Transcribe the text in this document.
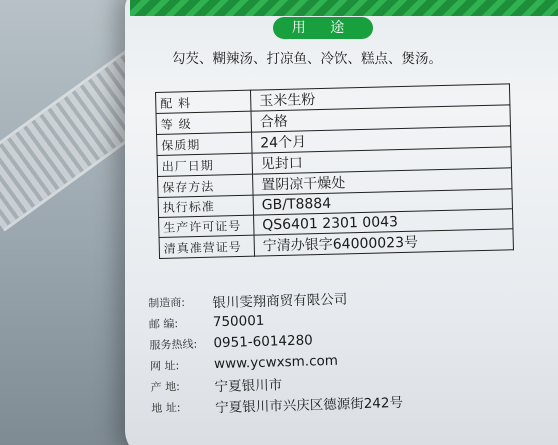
用 途
勾芡、糊辣汤、打凉鱼、冷饮、糕点、煲汤。
配 料	玉米生粉
等 级	合格
保质期	24个月
出厂日期	见封口
保存方法	置阴凉干燥处
执行标准	GB/T8884
生产许可证号	QS6401 2301 0043
清真准营证号	宁清办银字64000023号
制造商:	银川雯翔商贸有限公司
邮 编:	750001
服务热线:	0951-6014280
网 址:	www.ycwxsm.com
产 地:	宁夏银川市
地 址:	宁夏银川市兴庆区德源街242号
